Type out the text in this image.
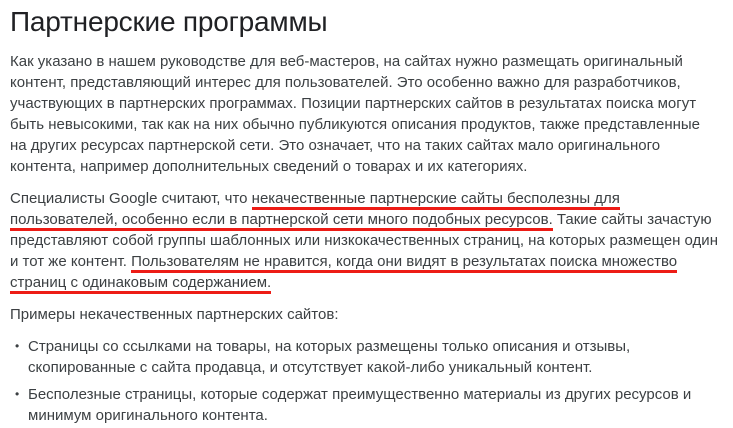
Партнерские программы

Как указано в нашем руководстве для веб-мастеров, на сайтах нужно размещать оригинальный контент, представляющий интерес для пользователей. Это особенно важно для разработчиков, участвующих в партнерских программах. Позиции партнерских сайтов в результатах поиска могут быть невысокими, так как на них обычно публикуются описания продуктов, также представленные на других ресурсах партнерской сети. Это означает, что на таких сайтах мало оригинального контента, например дополнительных сведений о товарах и их категориях.

Специалисты Google считают, что некачественные партнерские сайты бесполезны для пользователей, особенно если в партнерской сети много подобных ресурсов. Такие сайты зачастую представляют собой группы шаблонных или низкокачественных страниц, на которых размещен один и тот же контент. Пользователям не нравится, когда они видят в результатах поиска множество страниц с одинаковым содержанием.

Примеры некачественных партнерских сайтов:

• Страницы со ссылками на товары, на которых размещены только описания и отзывы, скопированные с сайта продавца, и отсутствует какой-либо уникальный контент.
• Бесполезные страницы, которые содержат преимущественно материалы из других ресурсов и минимум оригинального контента.
